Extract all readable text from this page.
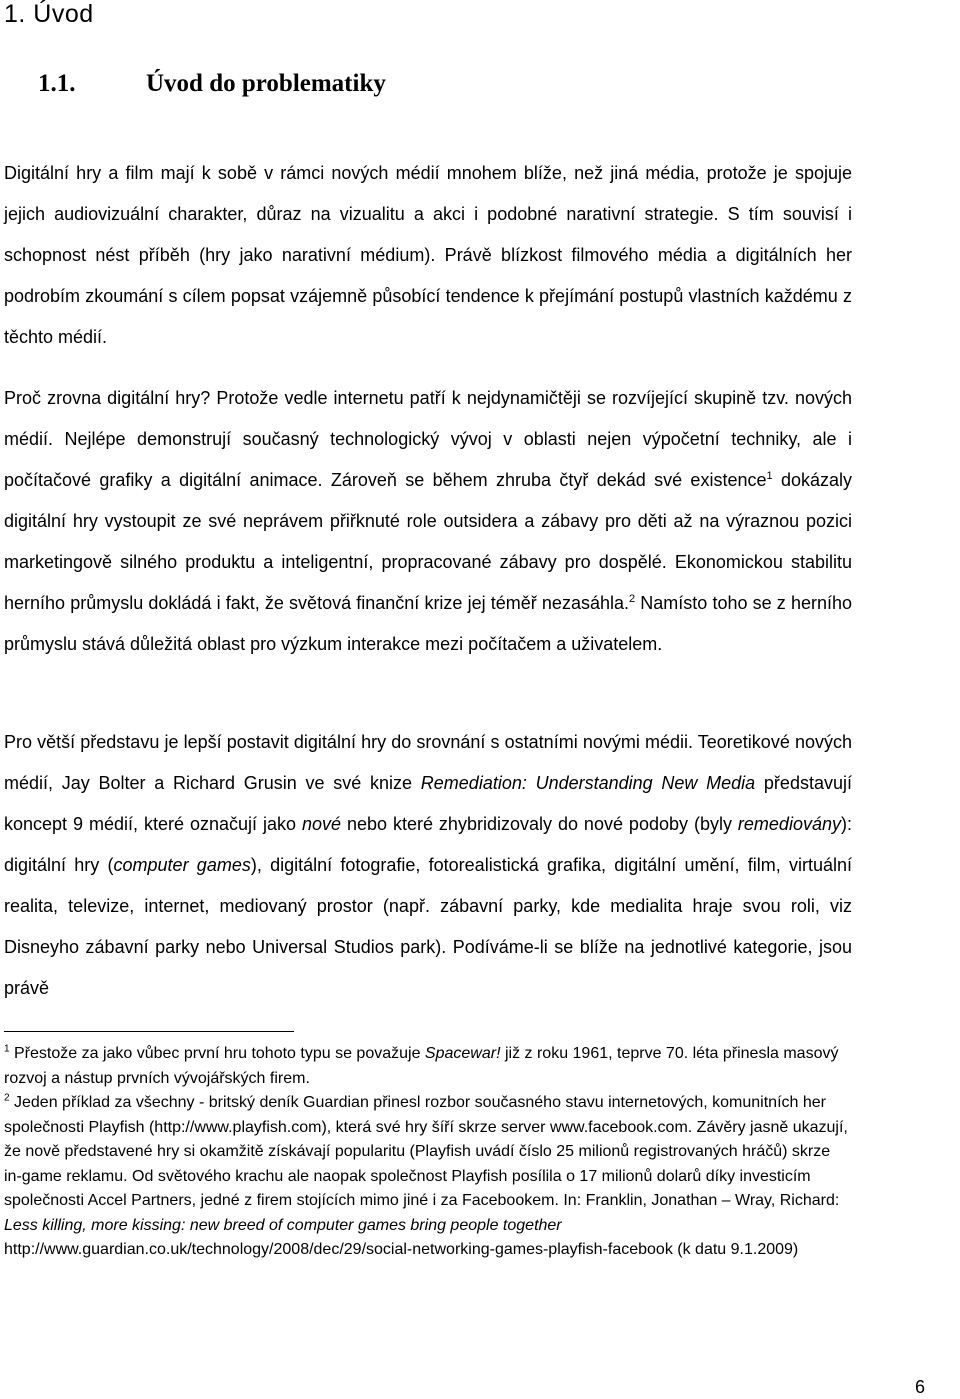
1. Úvod
1.1.	Úvod do problematiky

Digitální hry a film mají k sobě v rámci nových médií mnohem blíže, než jiná média, protože je spojuje jejich audiovizuální charakter, důraz na vizualitu a akci i podobné narativní strategie. S tím souvisí i schopnost nést příběh (hry jako narativní médium). Právě blízkost filmového média a digitálních her podrobím zkoumání s cílem popsat vzájemně působící tendence k přejímání postupů vlastních každému z těchto médií.

Proč zrovna digitální hry? Protože vedle internetu patří k nejdynamičtěji se rozvíjející skupině tzv. nových médií. Nejlépe demonstrují současný technologický vývoj v oblasti nejen výpočetní techniky, ale i počítačové grafiky a digitální animace. Zároveň se během zhruba čtyř dekád své existence$^1$ dokázaly digitální hry vystoupit ze své neprávem přiřknuté role outsidera a zábavy pro děti až na výraznou pozici marketingově silného produktu a inteligentní, propracované zábavy pro dospělé. Ekonomickou stabilitu herního průmyslu dokládá i fakt, že světová finanční krize jej téměř nezasáhla.$^2$ Namísto toho se z herního průmyslu stává důležitá oblast pro výzkum interakce mezi počítačem a uživatelem.

Pro větší představu je lepší postavit digitální hry do srovnání s ostatními novými médii. Teoretikové nových médií, Jay Bolter a Richard Grusin ve své knize Remediation: Understanding New Media představují koncept 9 médií, které označují jako nové nebo které zhybridizovaly do nové podoby (byly remediovány): digitální hry (computer games), digitální fotografie, fotorealistická grafika, digitální umění, film, virtuální realita, televize, internet, mediovaný prostor (např. zábavní parky, kde medialita hraje svou roli, viz Disneyho zábavní parky nebo Universal Studios park). Podíváme-li se blíže na jednotlivé kategorie, jsou právě

$^1$ Přestože za jako vůbec první hru tohoto typu se považuje Spacewar! již z roku 1961, teprve 70. léta přinesla masový rozvoj a nástup prvních vývojářských firem.

$^2$ Jeden příklad za všechny - britský deník Guardian přinesl rozbor současného stavu internetových, komunitních her společnosti Playfish (http://www.playfish.com), která své hry šíří skrze server www.facebook.com. Závěry jasně ukazují, že nově představené hry si okamžitě získávají popularitu (Playfish uvádí číslo 25 milionů registrovaných hráčů) skrze in-game reklamu. Od světového krachu ale naopak společnost Playfish posílila o 17 milionů dolarů díky investicím společnosti Accel Partners, jedné z firem stojících mimo jiné i za Facebookem. In: Franklin, Jonathan – Wray, Richard: Less killing, more kissing: new breed of computer games bring people together http://www.guardian.co.uk/technology/2008/dec/29/social-networking-games-playfish-facebook (k datu 9.1.2009)

6
